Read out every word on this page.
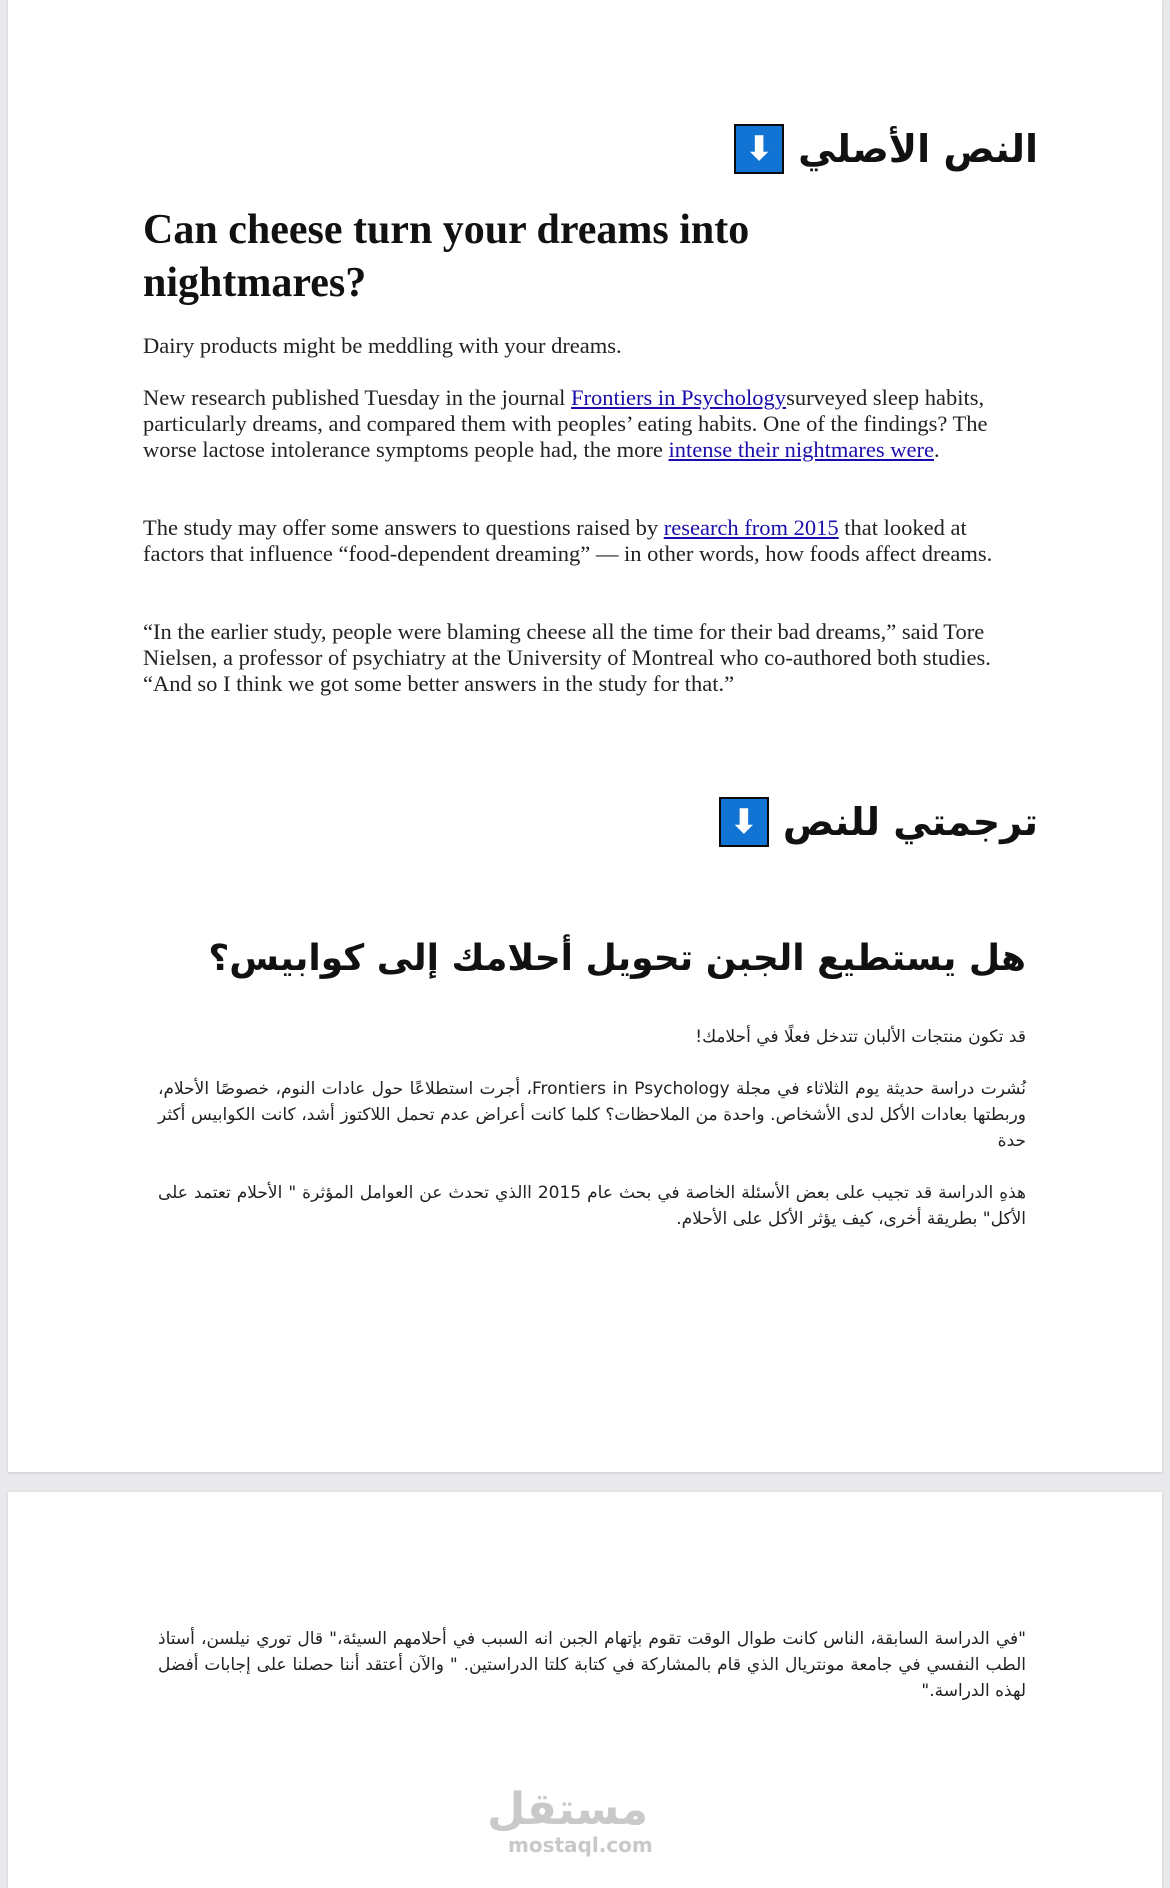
النص الأصلي
⬇
Can cheese turn your dreams into nightmares?

Dairy products might be meddling with your dreams.

New research published Tuesday in the journal Frontiers in Psychologysurveyed sleep habits, particularly dreams, and compared them with peoples’ eating habits. One of the findings? The worse lactose intolerance symptoms people had, the more intense their nightmares were.

The study may offer some answers to questions raised by research from 2015 that looked at factors that influence “food-dependent dreaming” — in other words, how foods affect dreams.

“In the earlier study, people were blaming cheese all the time for their bad dreams,” said Tore Nielsen, a professor of psychiatry at the University of Montreal who co-authored both studies. “And so I think we got some better answers in the study for that.”

ترجمتي للنص
⬇
هل يستطيع الجبن تحويل أحلامك إلى كوابيس؟

قد تكون منتجات الألبان تتدخل فعلًا في أحلامك!

نُشرت دراسة حديثة يوم الثلاثاء في مجلة Frontiers in Psychology، أجرت استطلاعًا حول عادات النوم، خصوصًا الأحلام، وربطتها بعادات الأكل لدى الأشخاص. واحدة من الملاحظات؟ كلما كانت أعراض عدم تحمل اللاكتوز أشد، كانت الكوابيس أكثر حدة

هذهِ الدراسة قد تجيب على بعض الأسئلة الخاصة في بحث عام 2015 االذي تحدث عن العوامل المؤثرة " الأحلام تعتمد على الأكل" بطريقة أخرى، كيف يؤثر الأكل على الأحلام.

"في الدراسة السابقة، الناس كانت طوال الوقت تقوم بإتهام الجبن انه السبب في أحلامهم السيئة،" قال توري نيلسن، أستاذ الطب النفسي في جامعة مونتريال الذي قام بالمشاركة في كتابة كلتا الدراستين. " والآن أعتقد أننا حصلنا على إجابات أفضل لهذه الدراسة."

مستقل
mostaql.com
